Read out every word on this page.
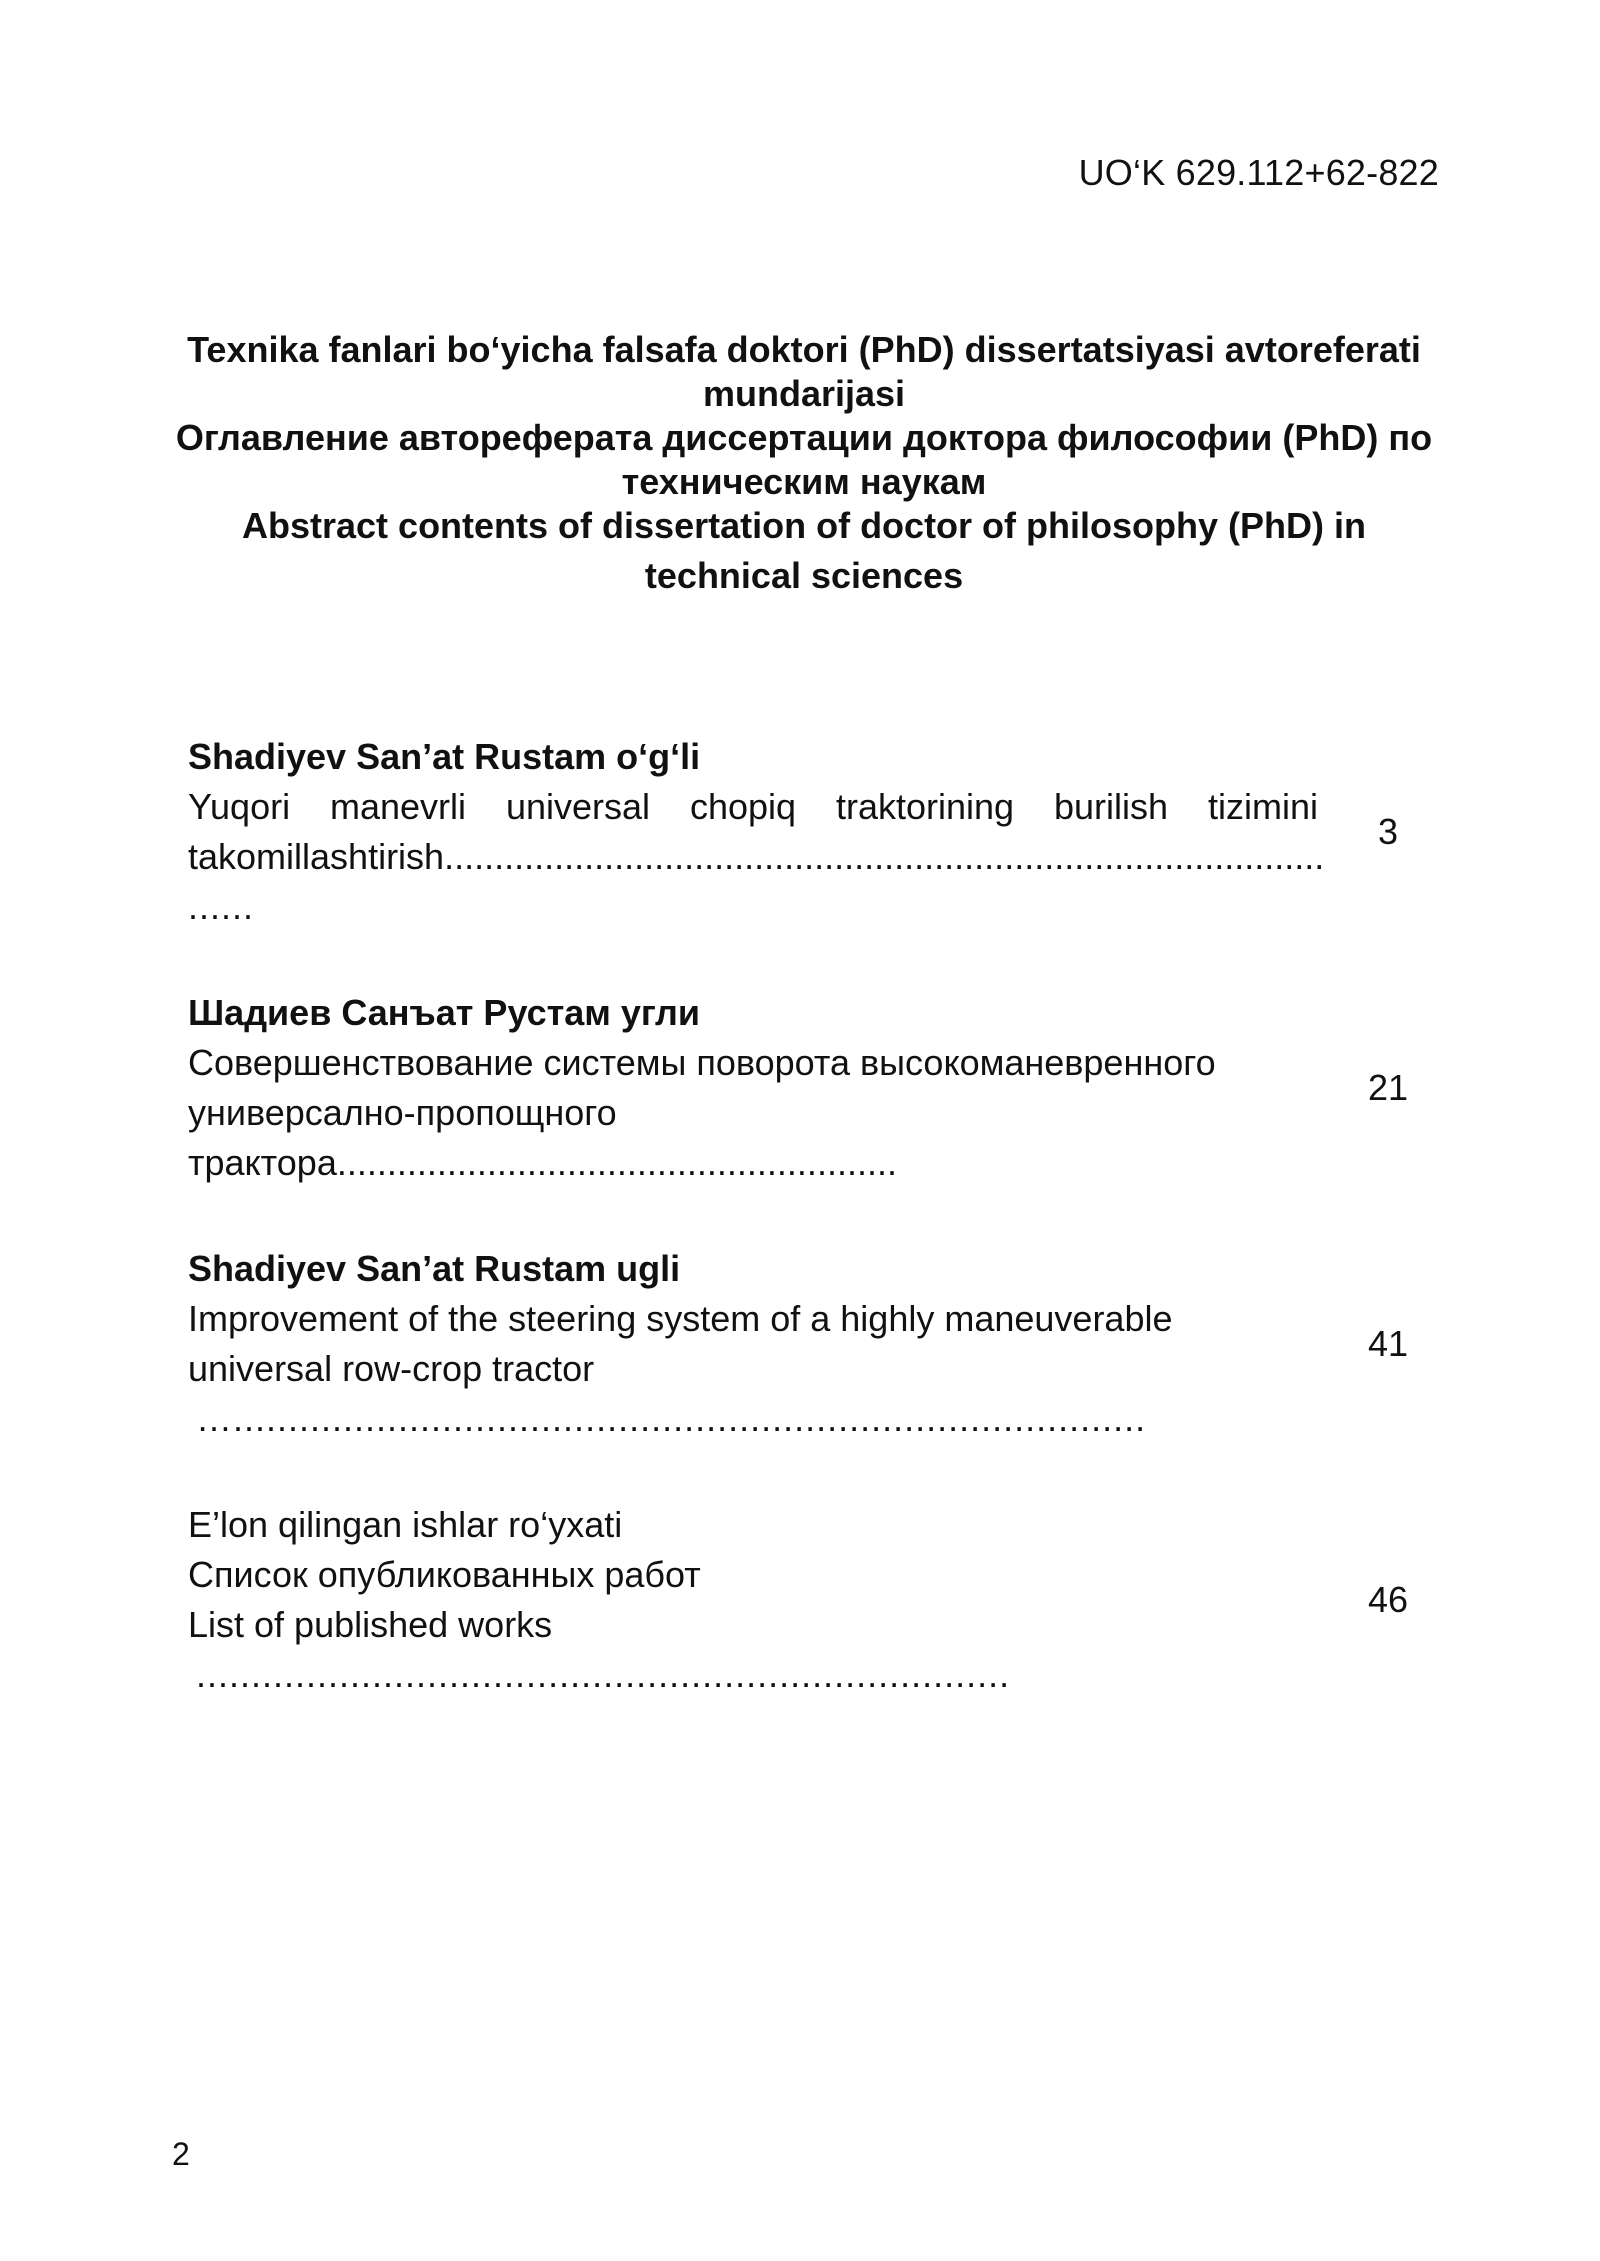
UO‘K 629.112+62-822
Texnika fanlari bo‘yicha falsafa doktori (PhD) dissertatsiyasi avtoreferati
mundarijasi
Оглавление автореферата диссертации доктора философии (PhD) по
техническим наукам
Abstract contents of dissertation of doctor of philosophy (PhD) in
technical sciences
Shadiyev San’at Rustam o‘g‘li
Yuqori manevrli universal chopiq traktorining burilish tizimini takomillashtirish........................................................................................
......
3
Шадиев Санъат Рустам угли
Совершенствование системы поворота высокоманевренного
универсално-пропощного
трактора........................................................
21
Shadiyev San’at Rustam ugli
Improvement of the steering system of a highly maneuverable
universal row-crop tractor
…...................................................................................
41
E’lon qilingan ishlar ro‘yxati
Список опубликованных работ
List of published works
..........................................................................
46
2
